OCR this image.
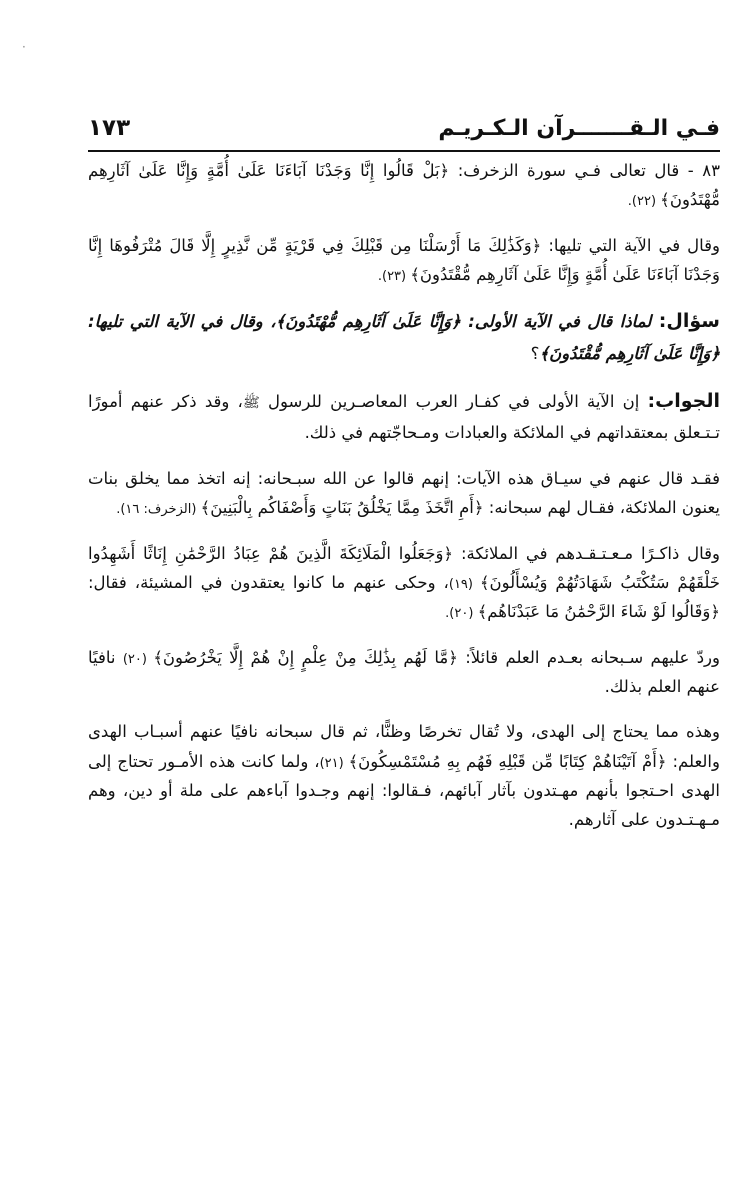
·
فـي الـقـــــــرآن الـكـريـم
١٧٣

٨٣ - قال تعالى فـي سورة الزخرف: ﴿بَلْ قَالُوا إِنَّا وَجَدْنَا آبَاءَنَا عَلَىٰ أُمَّةٍ وَإِنَّا عَلَىٰ آثَارِهِم مُّهْتَدُونَ﴾ (٢٢).

وقال في الآية التي تليها: ﴿وَكَذَٰلِكَ مَا أَرْسَلْنَا مِن قَبْلِكَ فِي قَرْيَةٍ مِّن نَّذِيرٍ إِلَّا قَالَ مُتْرَفُوهَا إِنَّا وَجَدْنَا آبَاءَنَا عَلَىٰ أُمَّةٍ وَإِنَّا عَلَىٰ آثَارِهِم مُّقْتَدُونَ﴾ (٢٣).

سؤال: لماذا قال في الآية الأولى: ﴿وَإِنَّا عَلَىٰ آثَارِهِم مُّهْتَدُونَ﴾، وقال في الآية التي تليها: ﴿وَإِنَّا عَلَىٰ آثَارِهِم مُّقْتَدُونَ﴾؟

الجواب: إن الآية الأولى في كفـار العرب المعاصـرين للرسول ﷺ، وقد ذكر عنهم أمورًا تـتـعلق بمعتقداتهم في الملائكة والعبادات ومـحاجّتهم في ذلك.

فقـد قال عنهم في سيـاق هذه الآيات: إنهم قالوا عن الله سبـحانه: إنه اتخذ مما يخلق بنات يعنون الملائكة، فقـال لهم سبحانه: ﴿أَمِ اتَّخَذَ مِمَّا يَخْلُقُ بَنَاتٍ وَأَصْفَاكُم بِالْبَنِينَ﴾ (الزخرف: ١٦).

وقال ذاكـرًا مـعـتـقـدهم في الملائكة: ﴿وَجَعَلُوا الْمَلَائِكَةَ الَّذِينَ هُمْ عِبَادُ الرَّحْمَٰنِ إِنَاثًا أَشَهِدُوا خَلْقَهُمْ سَتُكْتَبُ شَهَادَتُهُمْ وَيُسْأَلُونَ﴾ (١٩)، وحكى عنهم ما كانوا يعتقدون في المشيئة، فقال: ﴿وَقَالُوا لَوْ شَاءَ الرَّحْمَٰنُ مَا عَبَدْنَاهُم﴾ (٢٠).

وردّ عليهم سـبحانه بعـدم العلم قائلاً: ﴿مَّا لَهُم بِذَٰلِكَ مِنْ عِلْمٍ إِنْ هُمْ إِلَّا يَخْرُصُونَ﴾ (٢٠) نافيًا عنهم العلم بذلك.

وهذه مما يحتاج إلى الهدى، ولا تُقال تخرصًا وظنًّا، ثم قال سبحانه نافيًا عنهم أسبـاب الهدى والعلم: ﴿أَمْ آتَيْنَاهُمْ كِتَابًا مِّن قَبْلِهِ فَهُم بِهِ مُسْتَمْسِكُونَ﴾ (٢١)، ولما كانت هذه الأمـور تحتاج إلى الهدى احـتجوا بأنهم مهـتدون بآثار آبائهم، فـقالوا: إنهم وجـدوا آباءهم على ملة أو دين، وهم مـهـتـدون على آثارهم.
